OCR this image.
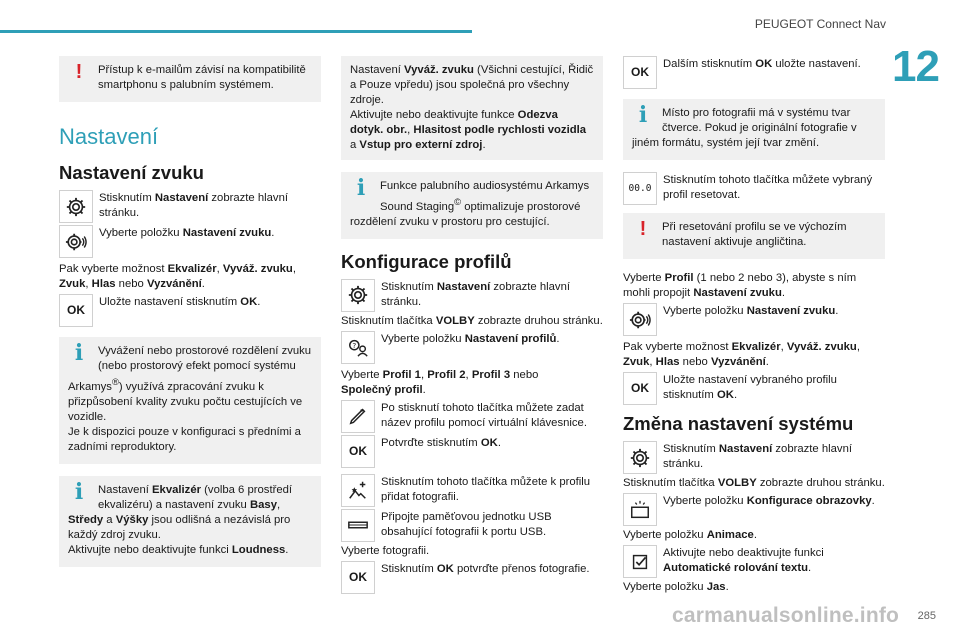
PEUGEOT Connect Nav
12
!	Přístup k e-mailům závisí na kompatibilitě smartphonu s palubním systémem.

Nastavení
Nastavení zvuku
Stisknutím Nastavení zobrazte hlavní stránku.
Vyberte položku Nastavení zvuku.
Pak vyberte možnost Ekvalizér, Vyváž. zvuku,
Zvuk, Hlas nebo Vyzvánění.
OK
Uložte nastavení stisknutím OK.
i	Vyvážení nebo prostorové rozdělení zvuku (nebo prostorový efekt pomocí systému Arkamys®) využívá zpracování zvuku k přizpůsobení kvality zvuku počtu cestujících ve vozidle.

Je k dispozici pouze v konfiguraci s předními a zadními reproduktory.

i	Nastavení Ekvalizér (volba 6 prostředí ekvalizéru) a nastavení zvuku Basy,
Středy a Výšky jsou odlišná a nezávislá pro každý zdroj zvuku.

Aktivujte nebo deaktivujte funkci Loudness.

Nastavení Vyváž. zvuku (Všichni cestující, Řidič a Pouze vpředu) jsou společná pro všechny zdroje.

Aktivujte nebo deaktivujte funkce Odezva dotyk. obr., Hlasitost podle rychlosti vozidla a Vstup pro externí zdroj.

i	Funkce palubního audiosystému Arkamys Sound Staging© optimalizuje prostorové rozdělení zvuku v prostoru pro cestující.

Konfigurace profilů
Stisknutím Nastavení zobrazte hlavní stránku.
Stisknutím tlačítka VOLBY zobrazte druhou stránku.
?
Vyberte položku Nastavení profilů.
Vyberte Profil 1, Profil 2, Profil 3 nebo
Společný profil.
Po stisknutí tohoto tlačítka můžete zadat název profilu pomocí virtuální klávesnice.
OK
Potvrďte stisknutím OK.
Stisknutím tohoto tlačítka můžete k profilu přidat fotografii.
Připojte paměťovou jednotku USB obsahující fotografii k portu USB.
Vyberte fotografii.
OK
Stisknutím OK potvrďte přenos fotografie.
OK
Dalším stisknutím OK uložte nastavení.
i	Místo pro fotografii má v systému tvar čtverce. Pokud je originální fotografie v jiném formátu, systém její tvar změní.

00.0
Stisknutím tohoto tlačítka můžete vybraný profil resetovat.
!	Při resetování profilu se ve výchozím nastavení aktivuje angličtina.

Vyberte Profil (1 nebo 2 nebo 3), abyste s ním mohli propojit Nastavení zvuku.
Vyberte položku Nastavení zvuku.
Pak vyberte možnost Ekvalizér, Vyváž. zvuku,
Zvuk, Hlas nebo Vyzvánění.
OK
Uložte nastavení vybraného profilu stisknutím OK.
Změna nastavení systému
Stisknutím Nastavení zobrazte hlavní stránku.
Stisknutím tlačítka VOLBY zobrazte druhou stránku.
Vyberte položku Konfigurace obrazovky.
Vyberte položku Animace.
Aktivujte nebo deaktivujte funkci Automatické rolování textu.
Vyberte položku Jas.
carmanualsonline.info 285
